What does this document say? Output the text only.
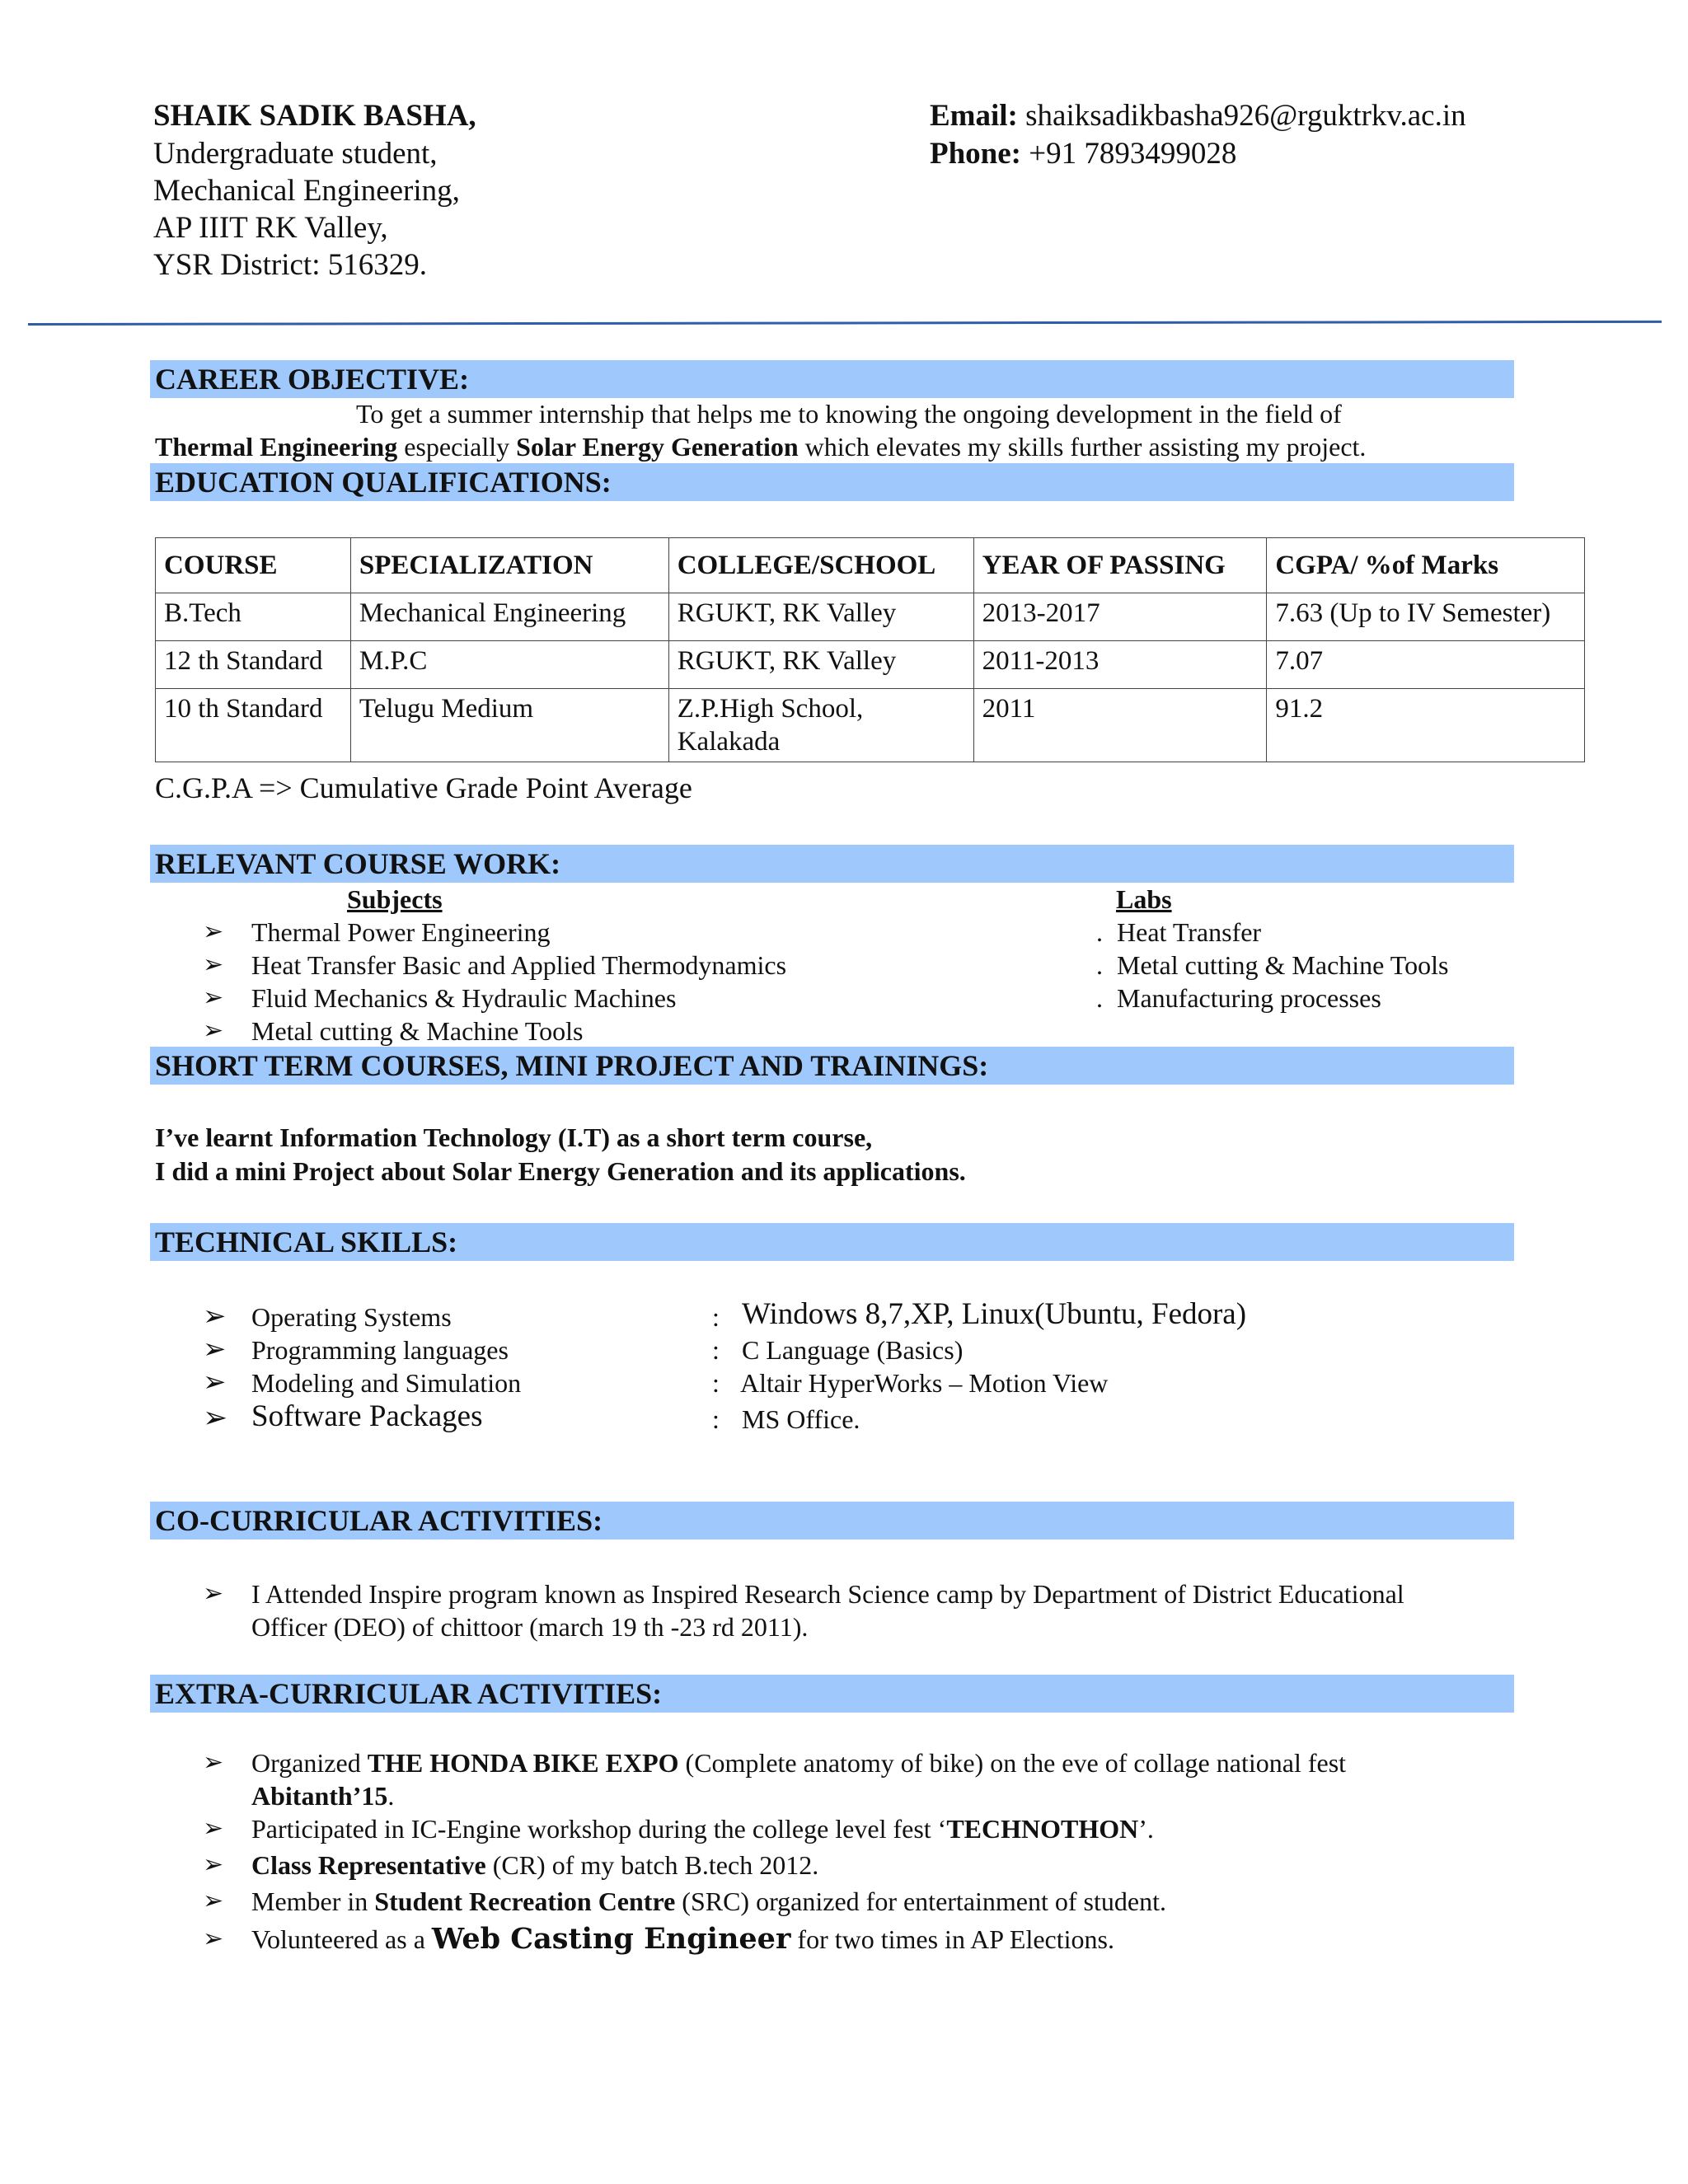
SHAIK SADIK BASHA,
Undergraduate student,
Mechanical Engineering,
AP IIIT RK Valley,
YSR District: 516329.
Email: shaiksadikbasha926@rguktrkv.ac.in
Phone: +91 7893499028
CAREER OBJECTIVE:
To get a summer internship that helps me to knowing the ongoing development in the field of
Thermal Engineering especially Solar Energy Generation which elevates my skills further assisting my project.
EDUCATION QUALIFICATIONS:
COURSE	SPECIALIZATION	COLLEGE/SCHOOL	YEAR OF PASSING	CGPA/ %of Marks
B.Tech	Mechanical Engineering	RGUKT, RK Valley	2013-2017	7.63 (Up to IV Semester)
12 th Standard	M.P.C	RGUKT, RK Valley	2011-2013	7.07
10 th Standard	Telugu Medium	Z.P.High School,
Kalakada	2011	91.2
C.G.P.A => Cumulative Grade Point Average
RELEVANT COURSE WORK:
Subjects	Labs
➢ Thermal Power Engineering
➢ Heat Transfer Basic and Applied Thermodynamics
➢ Fluid Mechanics & Hydraulic Machines
➢ Metal cutting & Machine Tools
. Heat Transfer
. Metal cutting & Machine Tools
. Manufacturing processes
SHORT TERM COURSES, MINI PROJECT AND TRAININGS:
I’ve learnt Information Technology (I.T) as a short term course,
I did a mini Project about Solar Energy Generation and its applications.
TECHNICAL SKILLS:
➢ Operating Systems	: Windows 8,7,XP, Linux(Ubuntu, Fedora)
➢ Programming languages	: C Language (Basics)
➢ Modeling and Simulation	: Altair HyperWorks – Motion View
➢ Software Packages	: MS Office.
CO-CURRICULAR ACTIVITIES:
➢ I Attended Inspire program known as Inspired Research Science camp by Department of District Educational
Officer (DEO) of chittoor (march 19 th -23 rd 2011).
EXTRA-CURRICULAR ACTIVITIES:
➢ Organized THE HONDA BIKE EXPO (Complete anatomy of bike) on the eve of collage national fest
Abitanth’15.
➢ Participated in IC-Engine workshop during the college level fest ‘TECHNOTHON’.
➢ Class Representative (CR) of my batch B.tech 2012.
➢ Member in Student Recreation Centre (SRC) organized for entertainment of student.
➢ Volunteered as a Web Casting Engineer for two times in AP Elections.
